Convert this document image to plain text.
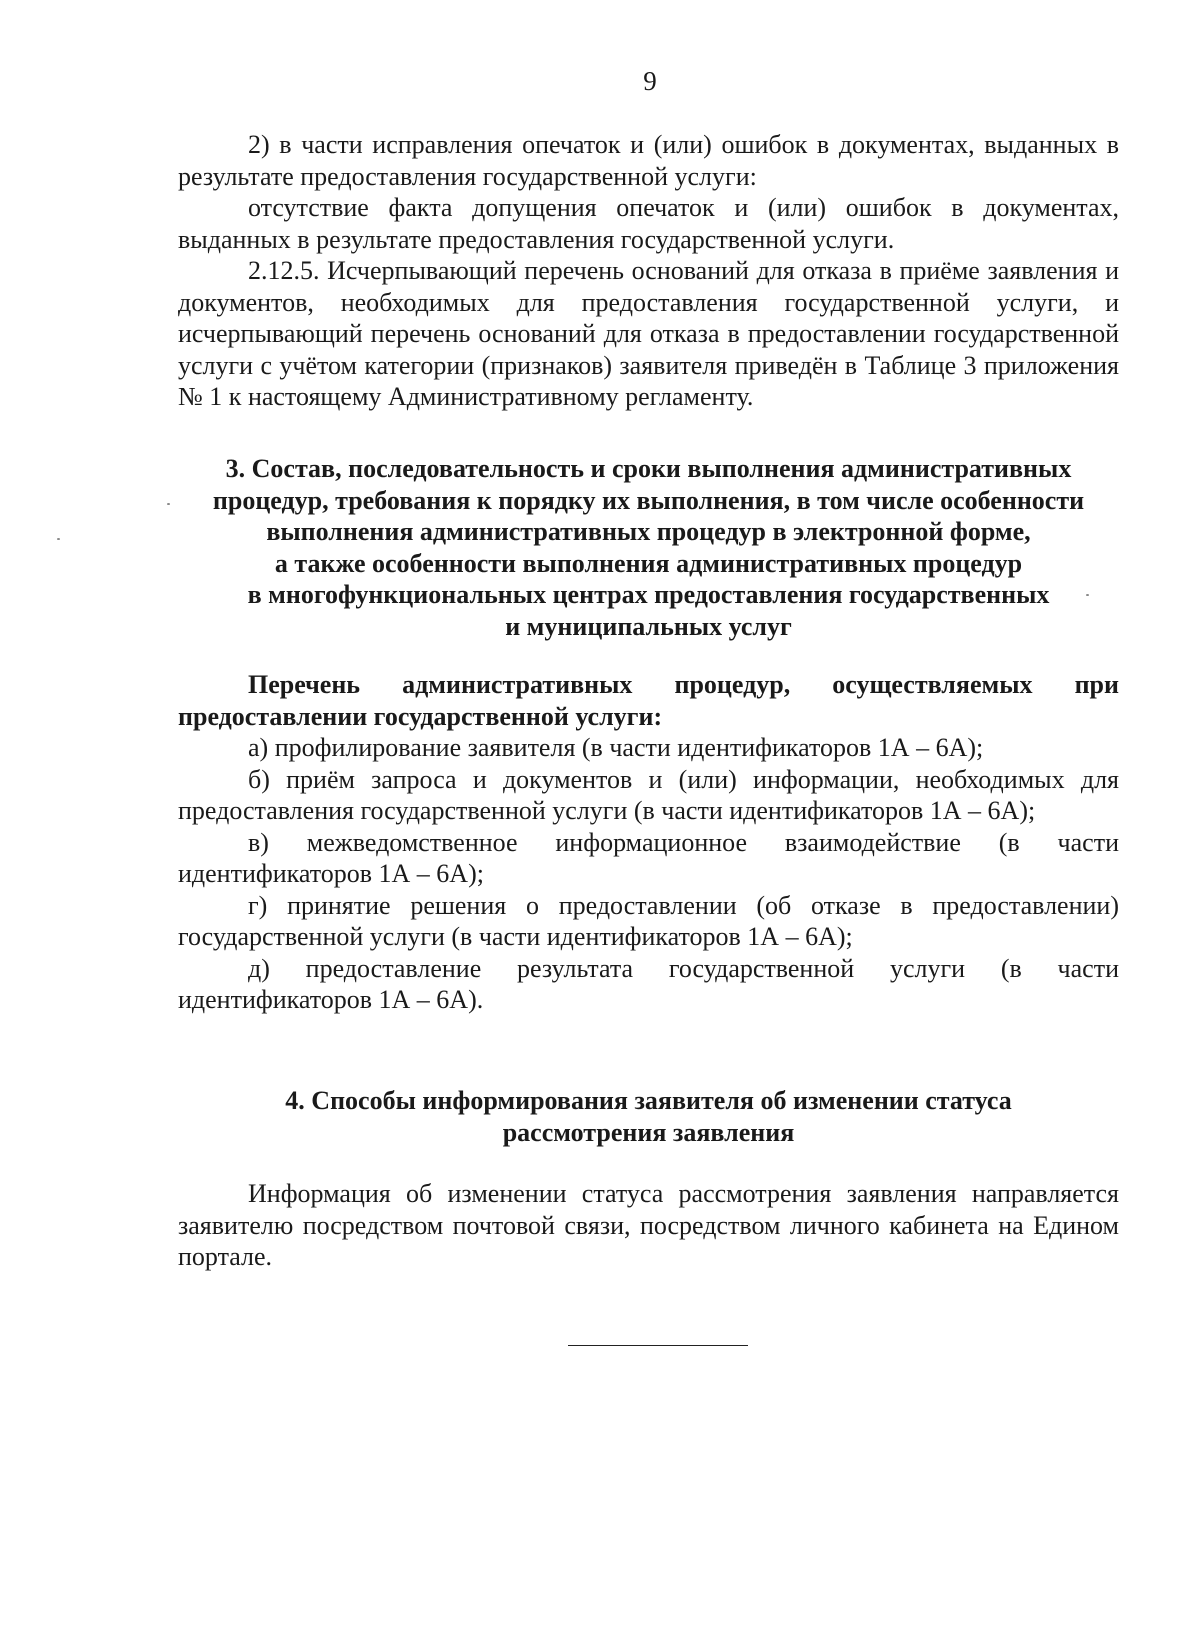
9

2) в части исправления опечаток и (или) ошибок в документах, выданных в результате предоставления государственной услуги:

отсутствие факта допущения опечаток и (или) ошибок в документах, выданных в результате предоставления государственной услуги.

2.12.5. Исчерпывающий перечень оснований для отказа в приёме заявления и документов, необходимых для предоставления государственной услуги, и исчерпывающий перечень оснований для отказа в предоставлении государственной услуги с учётом категории (признаков) заявителя приведён в Таблице 3 приложения № 1 к настоящему Административному регламенту.

3. Состав, последовательность и сроки выполнения административных
процедур, требования к порядку их выполнения, в том числе особенности
выполнения административных процедур в электронной форме,
а также особенности выполнения административных процедур
в многофункциональных центрах предоставления государственных
и муниципальных услуг

Перечень административных процедур, осуществляемых при предоставлении государственной услуги:

а) профилирование заявителя (в части идентификаторов 1А – 6А);

б) приём запроса и документов и (или) информации, необходимых для предоставления государственной услуги (в части идентификаторов 1А – 6А);

в) межведомственное информационное взаимодействие (в части идентификаторов 1А – 6А);

г) принятие решения о предоставлении (об отказе в предоставлении) государственной услуги (в части идентификаторов 1А – 6А);

д) предоставление результата государственной услуги (в части идентификаторов 1А – 6А).

4. Способы информирования заявителя об изменении статуса
рассмотрения заявления

Информация об изменении статуса рассмотрения заявления направляется заявителю посредством почтовой связи, посредством личного кабинета на Едином портале.
